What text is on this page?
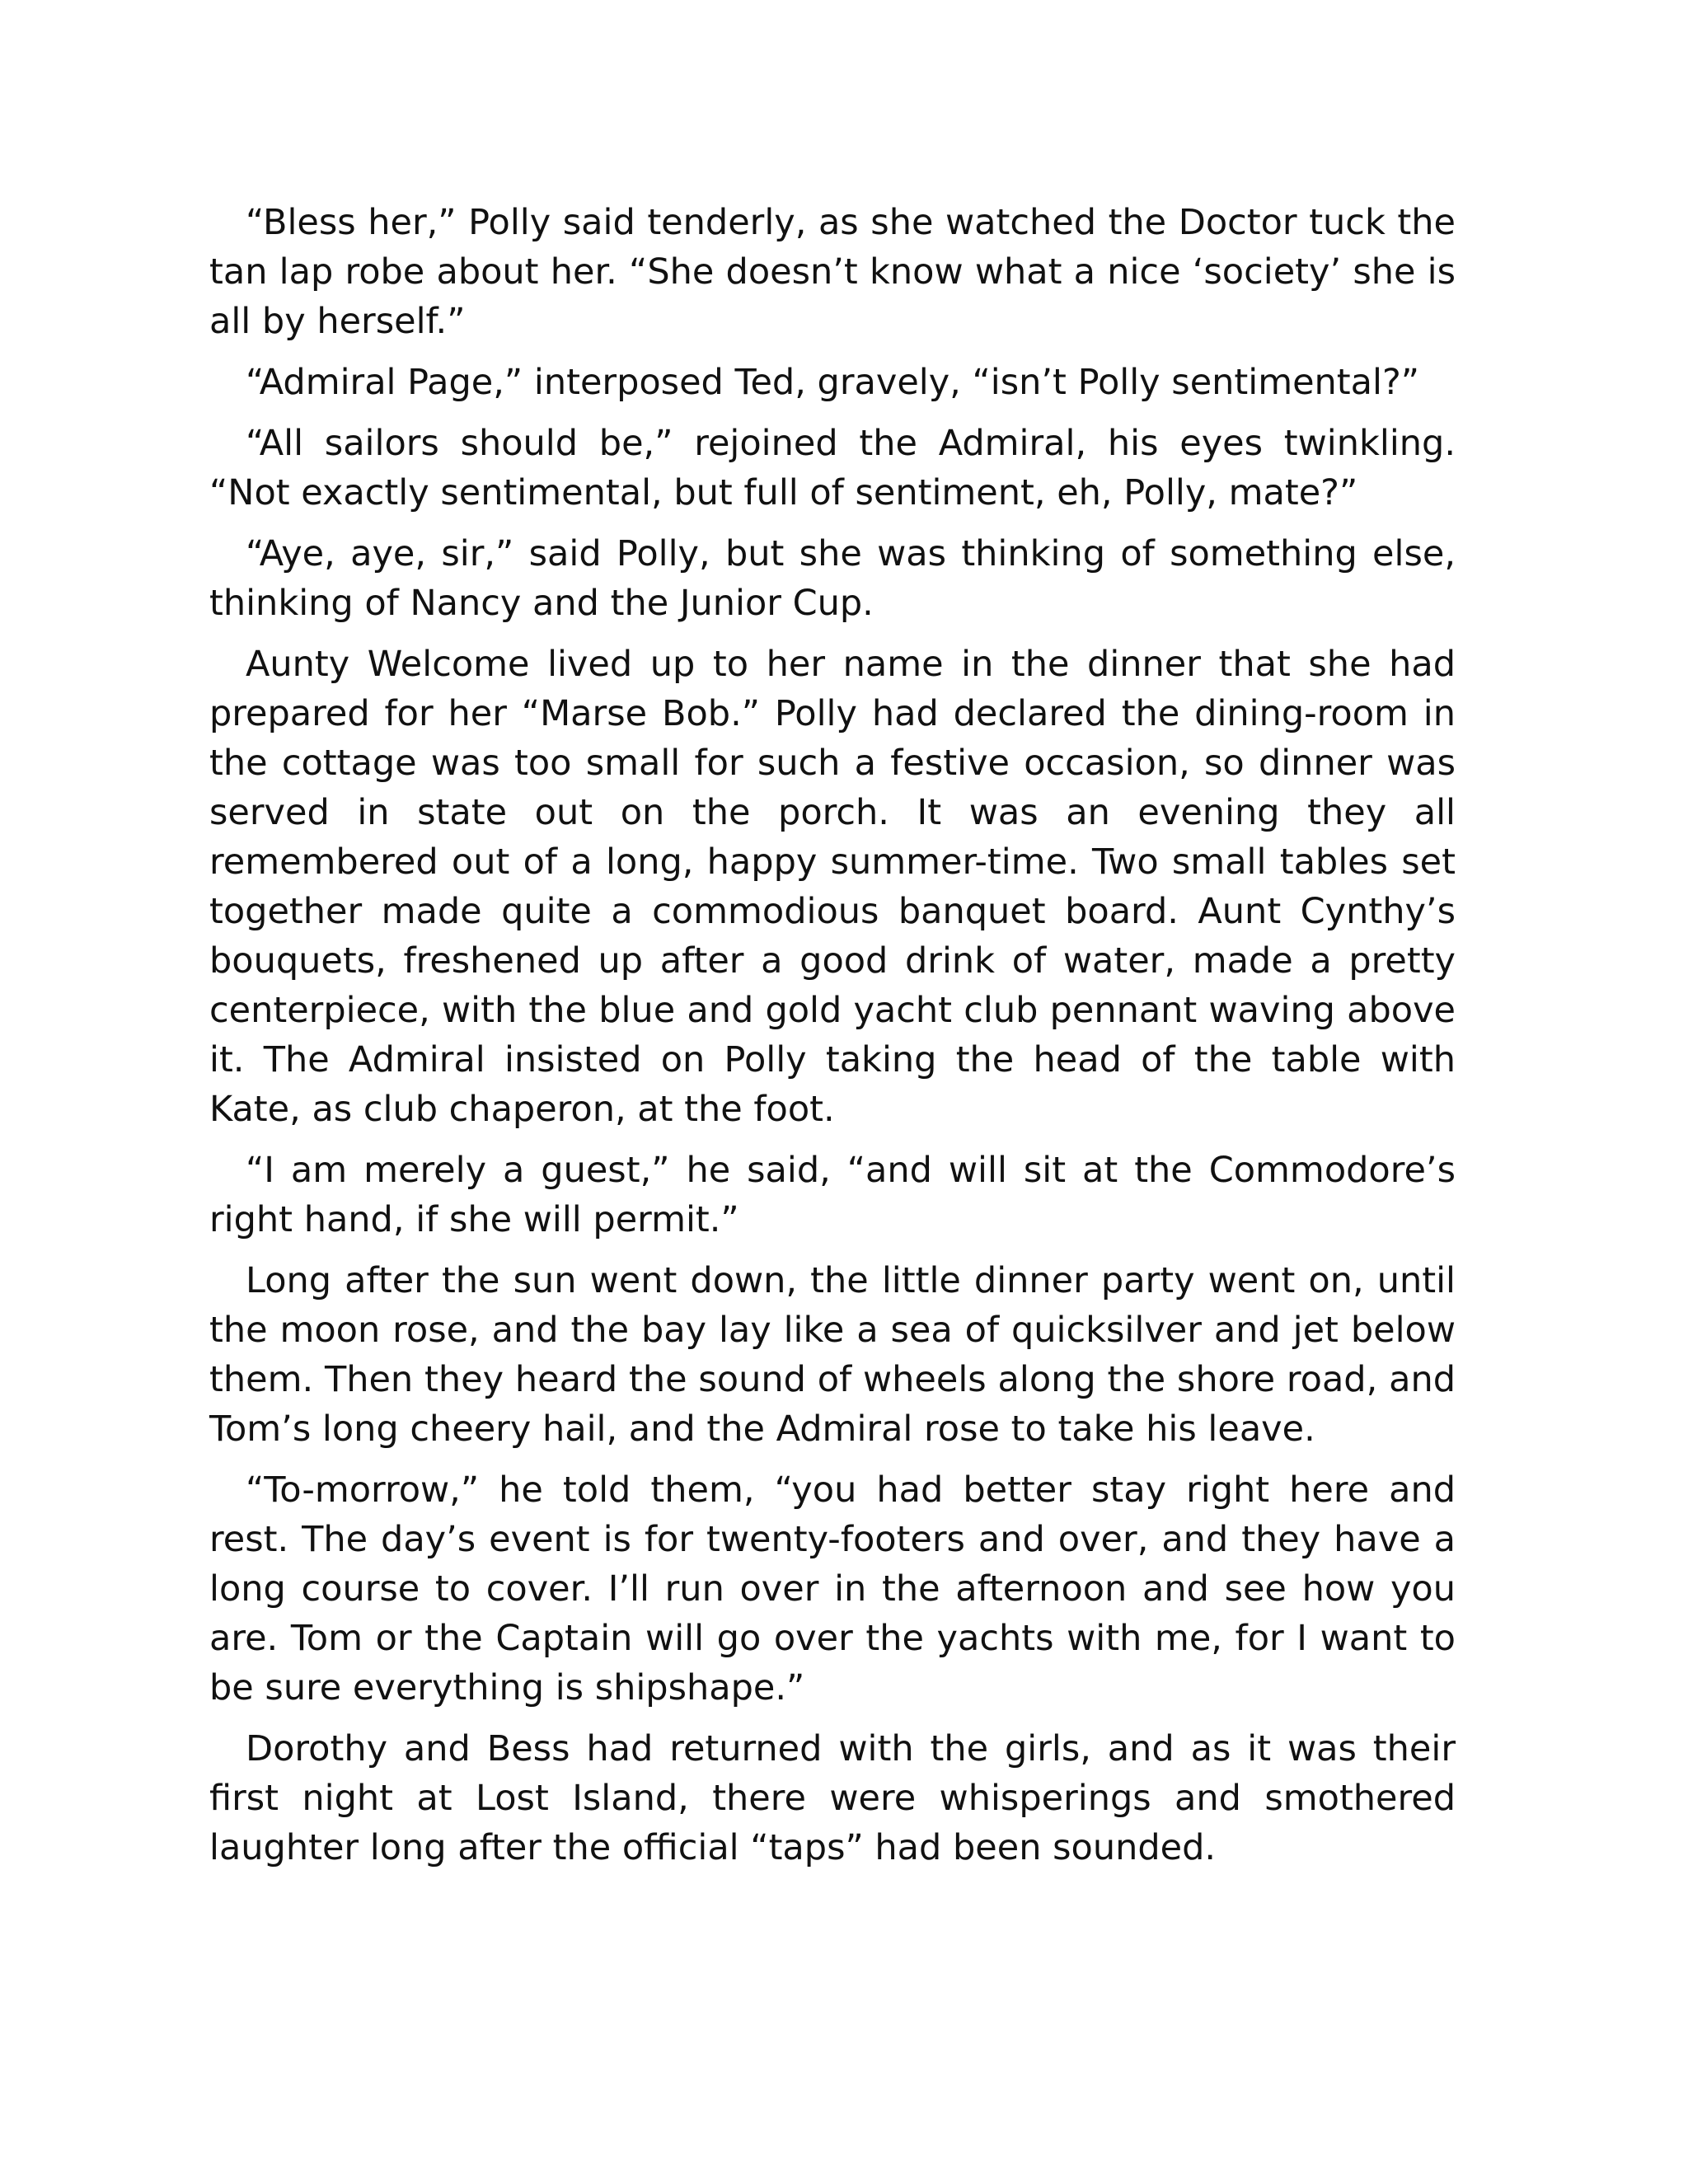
“Bless her,” Polly said tenderly, as she watched the Doctor tuck the tan lap robe about her. “She doesn’t know what a nice ‘society’ she is all by herself.”

“Admiral Page,” interposed Ted, gravely, “isn’t Polly sentimental?”

“All sailors should be,” rejoined the Admiral, his eyes twinkling. “Not exactly sentimental, but full of sentiment, eh, Polly, mate?”

“Aye, aye, sir,” said Polly, but she was thinking of something else, thinking of Nancy and the Junior Cup.

Aunty Welcome lived up to her name in the dinner that she had prepared for her “Marse Bob.” Polly had declared the dining-room in the cottage was too small for such a festive occasion, so dinner was served in state out on the porch. It was an evening they all remembered out of a long, happy summer-time. Two small tables set together made quite a commodious banquet board. Aunt Cynthy’s bouquets, freshened up after a good drink of water, made a pretty centerpiece, with the blue and gold yacht club pennant waving above it. The Admiral insisted on Polly taking the head of the table with Kate, as club chaperon, at the foot.

“I am merely a guest,” he said, “and will sit at the Commodore’s right hand, if she will permit.”

Long after the sun went down, the little dinner party went on, until the moon rose, and the bay lay like a sea of quicksilver and jet below them. Then they heard the sound of wheels along the shore road, and Tom’s long cheery hail, and the Admiral rose to take his leave.

“To-morrow,” he told them, “you had better stay right here and rest. The day’s event is for twenty-footers and over, and they have a long course to cover. I’ll run over in the afternoon and see how you are. Tom or the Captain will go over the yachts with me, for I want to be sure everything is shipshape.”

Dorothy and Bess had returned with the girls, and as it was their first night at Lost Island, there were whisperings and smothered laughter long after the official “taps” had been sounded.
